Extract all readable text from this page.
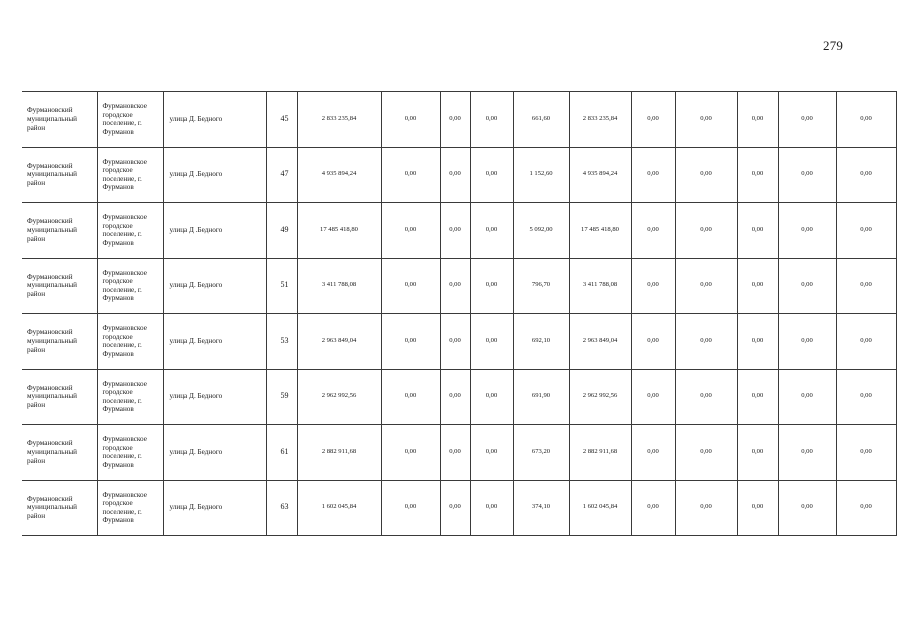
279
Фурмановский муниципальный район	Фурмановское городское поселение, г. Фурманов	улица Д. Бедного	45	2 833 235,84	0,00	0,00	0,00	661,60	2 833 235,84	0,00	0,00	0,00	0,00	0,00
Фурмановский муниципальный район	Фурмановское городское поселение, г. Фурманов	улица Д .Бедного	47	4 935 894,24	0,00	0,00	0,00	1 152,60	4 935 894,24	0,00	0,00	0,00	0,00	0,00
Фурмановский муниципальный район	Фурмановское городское поселение, г. Фурманов	улица Д .Бедного	49	17 485 418,80	0,00	0,00	0,00	5 092,00	17 485 418,80	0,00	0,00	0,00	0,00	0,00
Фурмановский муниципальный район	Фурмановское городское поселение, г. Фурманов	улица Д. Бедного	51	3 411 788,08	0,00	0,00	0,00	796,70	3 411 788,08	0,00	0,00	0,00	0,00	0,00
Фурмановский муниципальный район	Фурмановское городское поселение, г. Фурманов	улица Д. Бедного	53	2 963 849,04	0,00	0,00	0,00	692,10	2 963 849,04	0,00	0,00	0,00	0,00	0,00
Фурмановский муниципальный район	Фурмановское городское поселение, г. Фурманов	улица Д. Бедного	59	2 962 992,56	0,00	0,00	0,00	691,90	2 962 992,56	0,00	0,00	0,00	0,00	0,00
Фурмановский муниципальный район	Фурмановское городское поселение, г. Фурманов	улица Д. Бедного	61	2 882 911,68	0,00	0,00	0,00	673,20	2 882 911,68	0,00	0,00	0,00	0,00	0,00
Фурмановский муниципальный район	Фурмановское городское поселение, г. Фурманов	улица Д. Бедного	63	1 602 045,84	0,00	0,00	0,00	374,10	1 602 045,84	0,00	0,00	0,00	0,00	0,00
